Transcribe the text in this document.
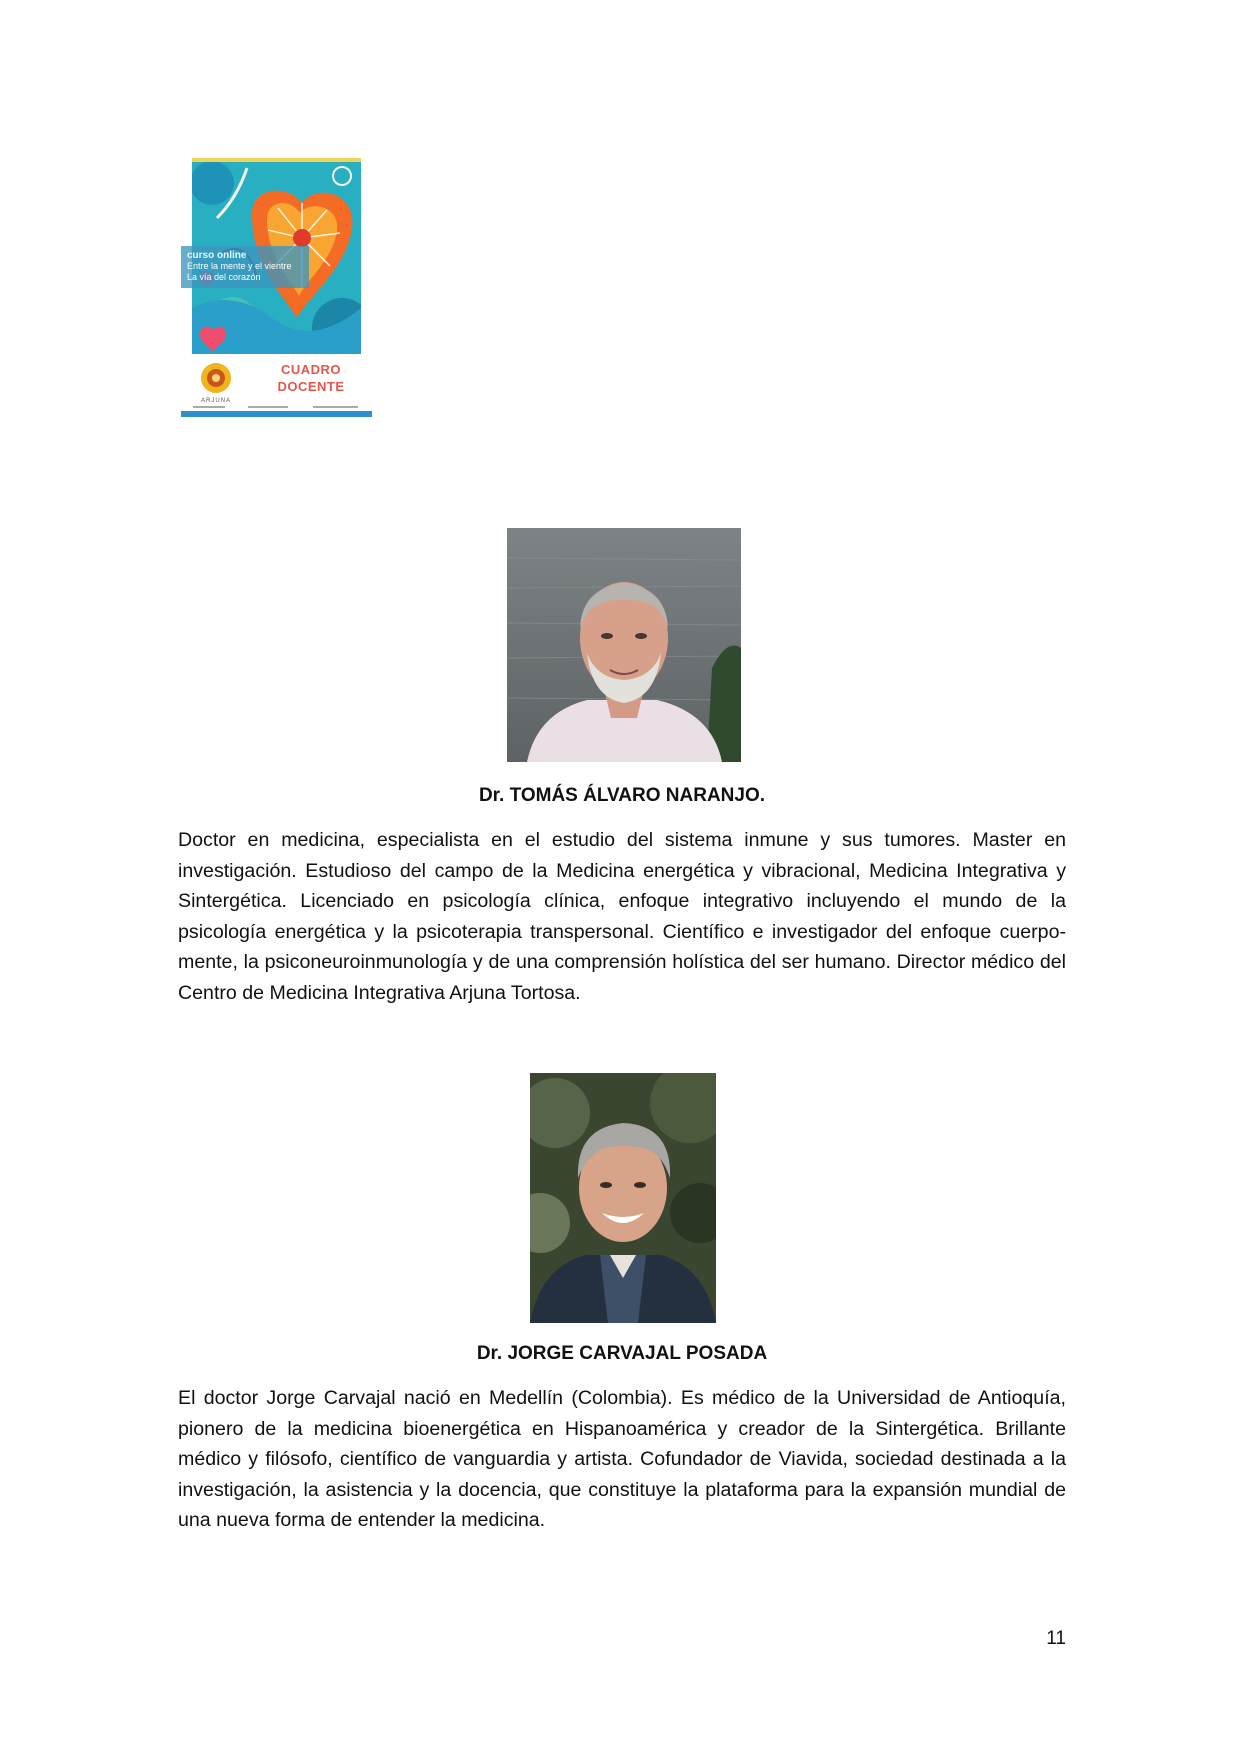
curso online
Entre la mente y el vientre
La vía del corazón
ARJUNA
CUADRO
DOCENTE
Dr. TOMÁS ÁLVARO NARANJO.

Doctor en medicina, especialista en el estudio del sistema inmune y sus tumores. Master en investigación. Estudioso del campo de la Medicina energética y vibracional, Medicina Integrativa y Sintergética. Licenciado en psicología clínica, enfoque integrativo incluyendo el mundo de la psicología energética y la psicoterapia transpersonal. Científico e investigador del enfoque cuerpo-mente, la psiconeuroinmunología y de una comprensión holística del ser humano. Director médico del Centro de Medicina Integrativa Arjuna Tortosa.

Dr. JORGE CARVAJAL POSADA

El doctor Jorge Carvajal nació en Medellín (Colombia). Es médico de la Universidad de Antioquía, pionero de la medicina bioenergética en Hispanoamérica y creador de la Sintergética. Brillante médico y filósofo, científico de vanguardia y artista. Cofundador de Viavida, sociedad destinada a la investigación, la asistencia y la docencia, que constituye la plataforma para la expansión mundial de una nueva forma de entender la medicina.

11
